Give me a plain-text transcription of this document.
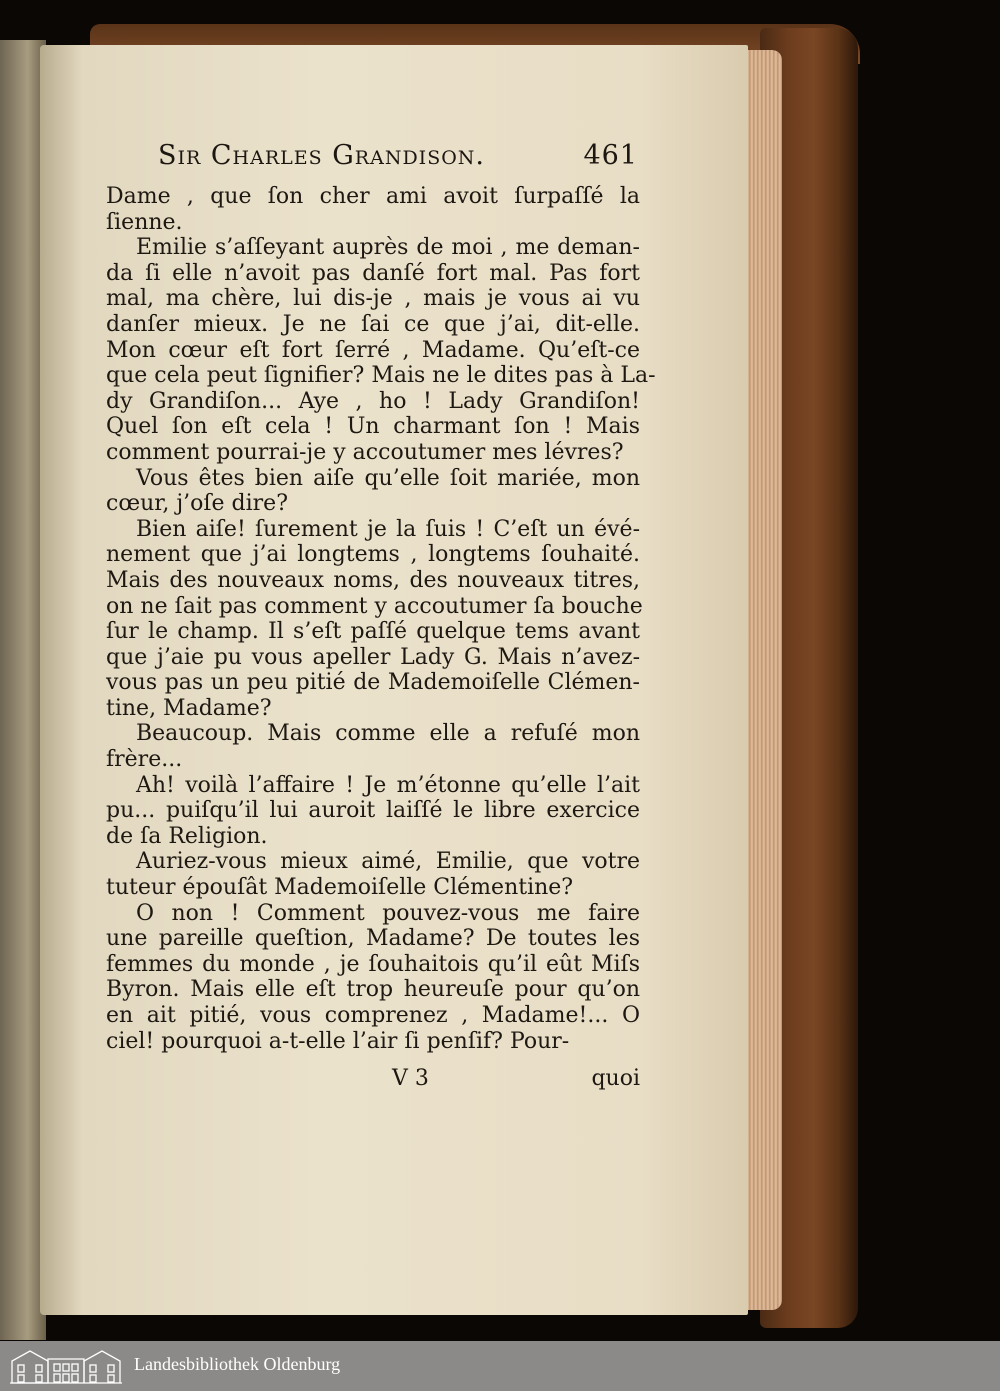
Sir Charles Grandison.	461
Dame , que ſon cher ami avoit ſurpaſſé la
ſienne.
Emilie s’aſſeyant auprès de moi , me deman-
da ſi elle n’avoit pas danſé fort mal. Pas fort
mal, ma chère, lui dis-je , mais je vous ai vu
danſer mieux. Je ne ſai ce que j’ai, dit-elle.
Mon cœur eſt fort ſerré , Madame. Qu’eſt-ce
que cela peut ſignifier? Mais ne le dites pas à La-
dy Grandiſon... Aye , ho ! Lady Grandiſon!
Quel ſon eſt cela ! Un charmant ſon ! Mais
comment pourrai-je y accoutumer mes lévres?
Vous êtes bien aiſe qu’elle ſoit mariée, mon
cœur, j’oſe dire?
Bien aiſe! ſurement je la ſuis ! C’eſt un évé-
nement que j’ai longtems , longtems ſouhaité.
Mais des nouveaux noms, des nouveaux titres,
on ne ſait pas comment y accoutumer ſa bouche
ſur le champ. Il s’eſt paſſé quelque tems avant
que j’aie pu vous apeller Lady G. Mais n’avez-
vous pas un peu pitié de Mademoiſelle Clémen-
tine, Madame?
Beaucoup. Mais comme elle a refuſé mon
frère...
Ah! voilà l’affaire ! Je m’étonne qu’elle l’ait
pu... puiſqu’il lui auroit laiſſé le libre exercice
de ſa Religion.
Auriez-vous mieux aimé, Emilie, que votre
tuteur épouſât Mademoiſelle Clémentine?
O non ! Comment pouvez-vous me faire
une pareille queſtion, Madame? De toutes les
femmes du monde , je ſouhaitois qu’il eût Miſs
Byron. Mais elle eſt trop heureuſe pour qu’on
en ait pitié, vous comprenez , Madame!... O
ciel! pourquoi a-t-elle l’air ſi penſif? Pour-
V 3	quoi
Landesbibliothek Oldenburg
